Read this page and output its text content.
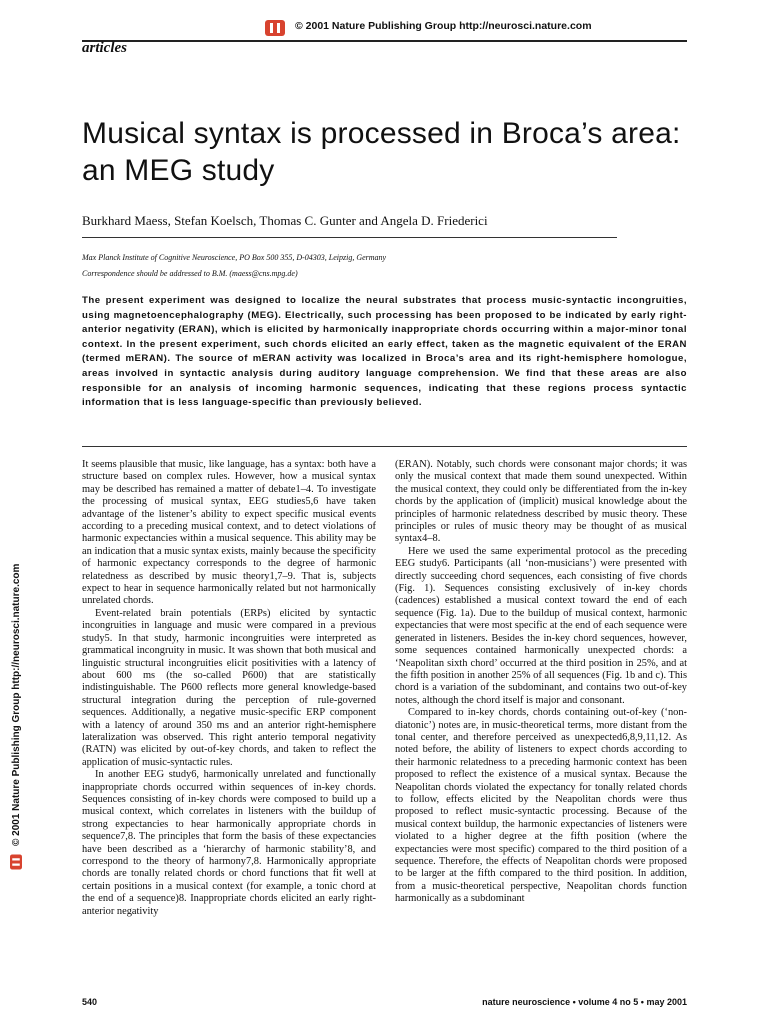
© 2001 Nature Publishing Group http://neurosci.nature.com
articles
Musical syntax is processed in Broca’s area: an MEG study
Burkhard Maess, Stefan Koelsch, Thomas C. Gunter and Angela D. Friederici
Max Planck Institute of Cognitive Neuroscience, PO Box 500 355, D-04303, Leipzig, Germany
Correspondence should be addressed to B.M. (maess@cns.mpg.de)
The present experiment was designed to localize the neural substrates that process music-syntactic incongruities, using magnetoencephalography (MEG). Electrically, such processing has been proposed to be indicated by early right-anterior negativity (ERAN), which is elicited by harmonically inappropriate chords occurring within a major-minor tonal context. In the present experiment, such chords elicited an early effect, taken as the magnetic equivalent of the ERAN (termed mERAN). The source of mERAN activity was localized in Broca’s area and its right-hemisphere homologue, areas involved in syntactic analysis during auditory language comprehension. We find that these areas are also responsible for an analysis of incoming harmonic sequences, indicating that these regions process syntactic information that is less language-specific than previously believed.

It seems plausible that music, like language, has a syntax: both have a structure based on complex rules. However, how a musical syntax may be described has remained a matter of debate1–4. To investigate the processing of musical syntax, EEG studies5,6 have taken advantage of the listener’s ability to expect specific musical events according to a preceding musical context, and to detect violations of harmonic expectancies within a musical sequence. This ability may be an indication that a music syntax exists, mainly because the specificity of harmonic expectancy corresponds to the degree of harmonic relatedness as described by music theory1,7–9. That is, subjects expect to hear in sequence harmonically related but not harmonically unrelated chords.

Event-related brain potentials (ERPs) elicited by syntactic incongruities in language and music were compared in a previous study5. In that study, harmonic incongruities were interpreted as grammatical incongruity in music. It was shown that both musical and linguistic structural incongruities elicit positivities with a latency of about 600 ms (the so-called P600) that are statistically indistinguishable. The P600 reflects more general knowledge-based structural integration during the perception of rule-governed sequences. Additionally, a negative music-specific ERP component with a latency of around 350 ms and an anterior right-hemisphere lateralization was observed. This right anterio temporal negativity (RATN) was elicited by out-of-key chords, and taken to reflect the application of music-syntactic rules.

In another EEG study6, harmonically unrelated and functionally inappropriate chords occurred within sequences of in-key chords. Sequences consisting of in-key chords were composed to build up a musical context, which correlates in listeners with the buildup of strong expectancies to hear harmonically appropriate chords in sequence7,8. The principles that form the basis of these expectancies have been described as a ‘hierarchy of harmonic stability’8, and correspond to the theory of harmony7,8. Harmonically appropriate chords are tonally related chords or chord functions that fit well at certain positions in a musical context (for example, a tonic chord at the end of a sequence)8. Inappropriate chords elicited an early right-anterior negativity

(ERAN). Notably, such chords were consonant major chords; it was only the musical context that made them sound unexpected. Within the musical context, they could only be differentiated from the in-key chords by the application of (implicit) musical knowledge about the principles of harmonic relatedness described by music theory. These principles or rules of music theory may be thought of as musical syntax4–8.

Here we used the same experimental protocol as the preceding EEG study6. Participants (all ‘non-musicians’) were presented with directly succeeding chord sequences, each consisting of five chords (Fig. 1). Sequences consisting exclusively of in-key chords (cadences) established a musical context toward the end of each sequence (Fig. 1a). Due to the buildup of musical context, harmonic expectancies that were most specific at the end of each sequence were generated in listeners. Besides the in-key chord sequences, however, some sequences contained harmonically unexpected chords: a ‘Neapolitan sixth chord’ occurred at the third position in 25%, and at the fifth position in another 25% of all sequences (Fig. 1b and c). This chord is a variation of the subdominant, and contains two out-of-key notes, although the chord itself is major and consonant.

Compared to in-key chords, chords containing out-of-key (‘non-diatonic’) notes are, in music-theoretical terms, more distant from the tonal center, and therefore perceived as unexpected6,8,9,11,12. As noted before, the ability of listeners to expect chords according to their harmonic relatedness to a preceding harmonic context has been proposed to reflect the existence of a musical syntax. Because the Neapolitan chords violated the expectancy for tonally related chords to follow, effects elicited by the Neapolitan chords were thus proposed to reflect music-syntactic processing. Because of the musical context buildup, the harmonic expectancies of listeners were violated to a higher degree at the fifth position (where the expectancies were most specific) compared to the third position of a sequence. Therefore, the effects of Neapolitan chords were proposed to be larger at the fifth compared to the third position. In addition, from a music-theoretical perspective, Neapolitan chords function harmonically as a subdominant

540	nature neuroscience • volume 4 no 5 • may 2001
© 2001 Nature Publishing Group http://neurosci.nature.com
